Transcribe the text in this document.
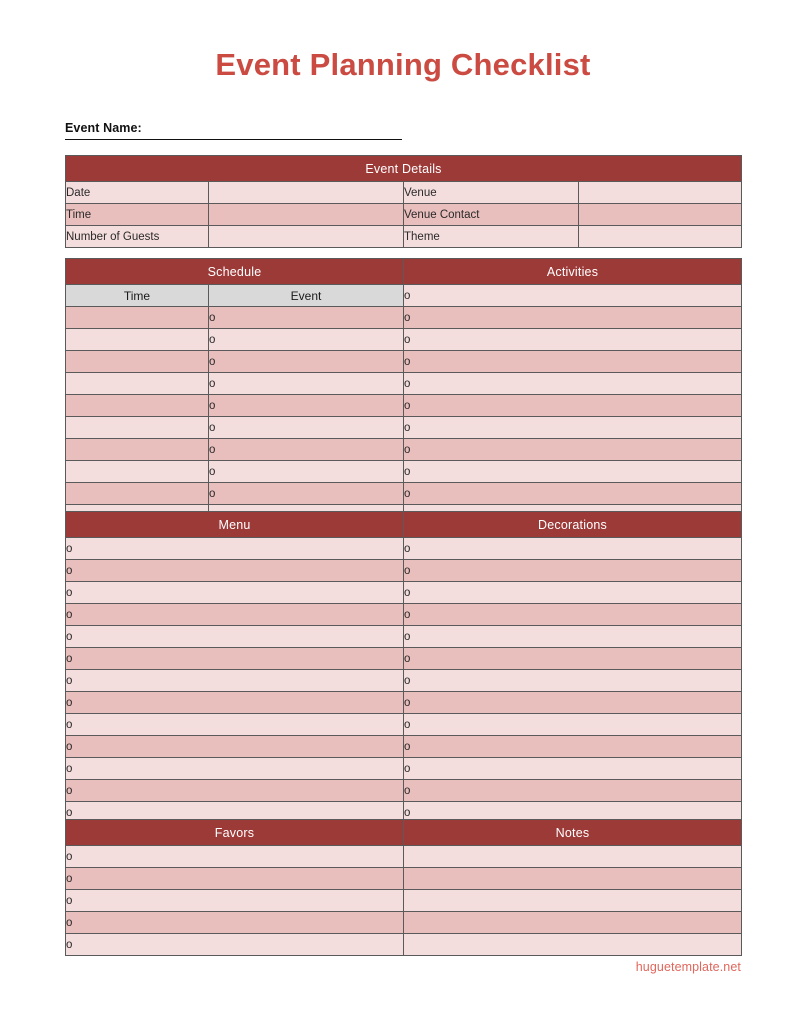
Event Planning Checklist
Event Name:
Event Details			
Date		Venue	
Time		Venue Contact	
Number of Guests		Theme	
Schedule		Activities
Time	Event	o
	o	o
	o	o
	o	o
	o	o
	o	o
	o	o
	o	o
	o	o
	o	o
	o	o
Menu	Decorations
o	o
o	o
o	o
o	o
o	o
o	o
o	o
o	o
o	o
o	o
o	o
o	o
o	o
o	o
Favors	Notes
o	
o	
o	
o	
o	
huguetemplate.net
